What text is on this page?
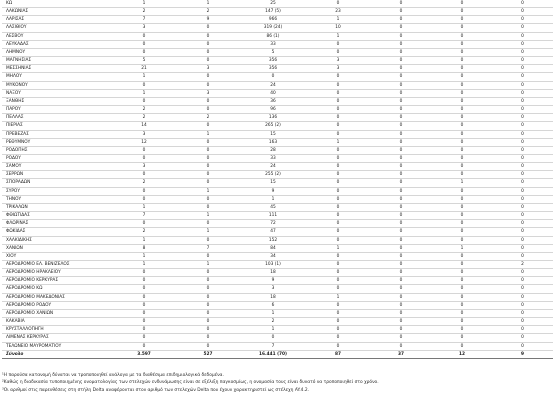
ΚΩ	1	1	25	0	0	0	0
ΛΑΚΩΝΙΑΣ	2	2	147 (5)	23	0	0	0
ΛΑΡΙΣΑΣ	7	9	966	1	0	0	0
ΛΑΣΙΘΙΟΥ	3	0	319 (24)	10	0	0	0
ΛΕΣΒΟΥ	0	0	86 (1)	1	0	0	0
ΛΕΥΚΑΔΑΣ	0	0	33	0	0	0	0
ΛΗΜΝΟΥ	0	0	5	0	0	0	0
ΜΑΓΝΗΣΙΑΣ	5	0	356	3	0	0	0
ΜΕΣΣΗΝΙΑΣ	21	3	356	3	0	0	0
ΜΗΛΟΥ	1	0	0	0	0	0	0
ΜΥΚΟΝΟΥ	0	0	24	0	0	0	0
ΝΑΞΟΥ	1	3	40	0	0	0	0
ΞΑΝΘΗΣ	0	0	36	0	0	0	0
ΠΑΡΟΥ	2	0	96	0	0	0	0
ΠΕΛΛΑΣ	2	2	136	0	0	0	0
ΠΙΕΡΙΑΣ	14	0	265 (2)	0	0	0	0
ΠΡΕΒΕΖΑΣ	3	1	15	0	0	0	0
ΡΕΘΥΜΝΟΥ	12	0	163	1	0	0	0
ΡΟΔΟΠΗΣ	0	0	28	0	0	0	0
ΡΟΔΟΥ	0	0	33	0	0	0	0
ΣΑΜΟΥ	3	0	24	0	0	0	0
ΣΕΡΡΩΝ	0	0	255 (2)	0	0	0	0
ΣΠΟΡΑΔΩΝ	2	0	15	0	0	1	0
ΣΥΡΟΥ	0	1	9	0	0	0	0
ΤΗΝΟΥ	0	0	1	0	0	0	0
ΤΡΙΚΑΛΩΝ	1	0	45	0	0	0	0
ΦΘΙΩΤΙΔΑΣ	7	1	111	0	0	0	0
ΦΛΩΡΙΝΑΣ	0	0	72	0	0	0	0
ΦΩΚΙΔΑΣ	2	1	47	0	0	0	0
ΧΑΛΚΙΔΙΚΗΣ	1	0	152	0	0	0	0
ΧΑΝΙΩΝ	8	7	84	1	0	1	0
ΧΙΟΥ	1	0	34	0	0	0	0
ΑΕΡΟΔΡΟΜΙΟ ΕΛ. ΒΕΝΙΖΕΛΟΣ	1	1	103 (1)	0	0	0	2
ΑΕΡΟΔΡΟΜΙΟ ΗΡΑΚΛΕΙΟΥ	0	0	18	0	0	0	0
ΑΕΡΟΔΡΟΜΙΟ ΚΕΡΚΥΡΑΣ	0	0	9	0	0	0	0
ΑΕΡΟΔΡΟΜΙΟ ΚΩ	0	0	3	0	0	0	0
ΑΕΡΟΔΡΟΜΙΟ ΜΑΚΕΔΟΝΙΑΣ	0	0	18	1	0	0	0
ΑΕΡΟΔΡΟΜΙΟ ΡΟΔΟΥ	0	0	6	0	0	0	0
ΑΕΡΟΔΡΟΜΙΟ ΧΑΝΙΩΝ	0	0	1	0	0	0	0
ΚΑΚΑΒΙΑ	0	0	2	0	0	0	0
ΚΡΥΣΤΑΛΛΟΠΗΓΗ	0	0	1	0	0	0	0
ΛΙΜΕΝΑΣ ΚΕΡΚΥΡΑΣ	0	0	0	0	0	0	0
ΤΕΛΩΝΕΙΟ ΜΑΥΡΟΜΑΤΙΟΥ	0	0	7	0	0	0	0
Σύνολο	3.597	527	16.441 (70)	87	37	12	9
¹Η παρούσα κατανομή δύναται να τροποποιηθεί ανάλογα με τα διαθέσιμα επιδημιολογικά δεδομένα.
²Καθώς η διαδικασία τυποποιημένης ονοματολογίας των στελεχών ενδυνάμωσης είναι σε εξέλιξη παγκοσμίως, η ονομασία τους είναι δυνατό να τροποποιηθεί στο χρόνο.
³Οι αριθμοί στις παρενθέσεις στη στήλη Delta αναφέρονται στον αριθμό των στελεχών Delta που έχουν χαρακτηριστεί ως στέλεχη AY.4.2.
